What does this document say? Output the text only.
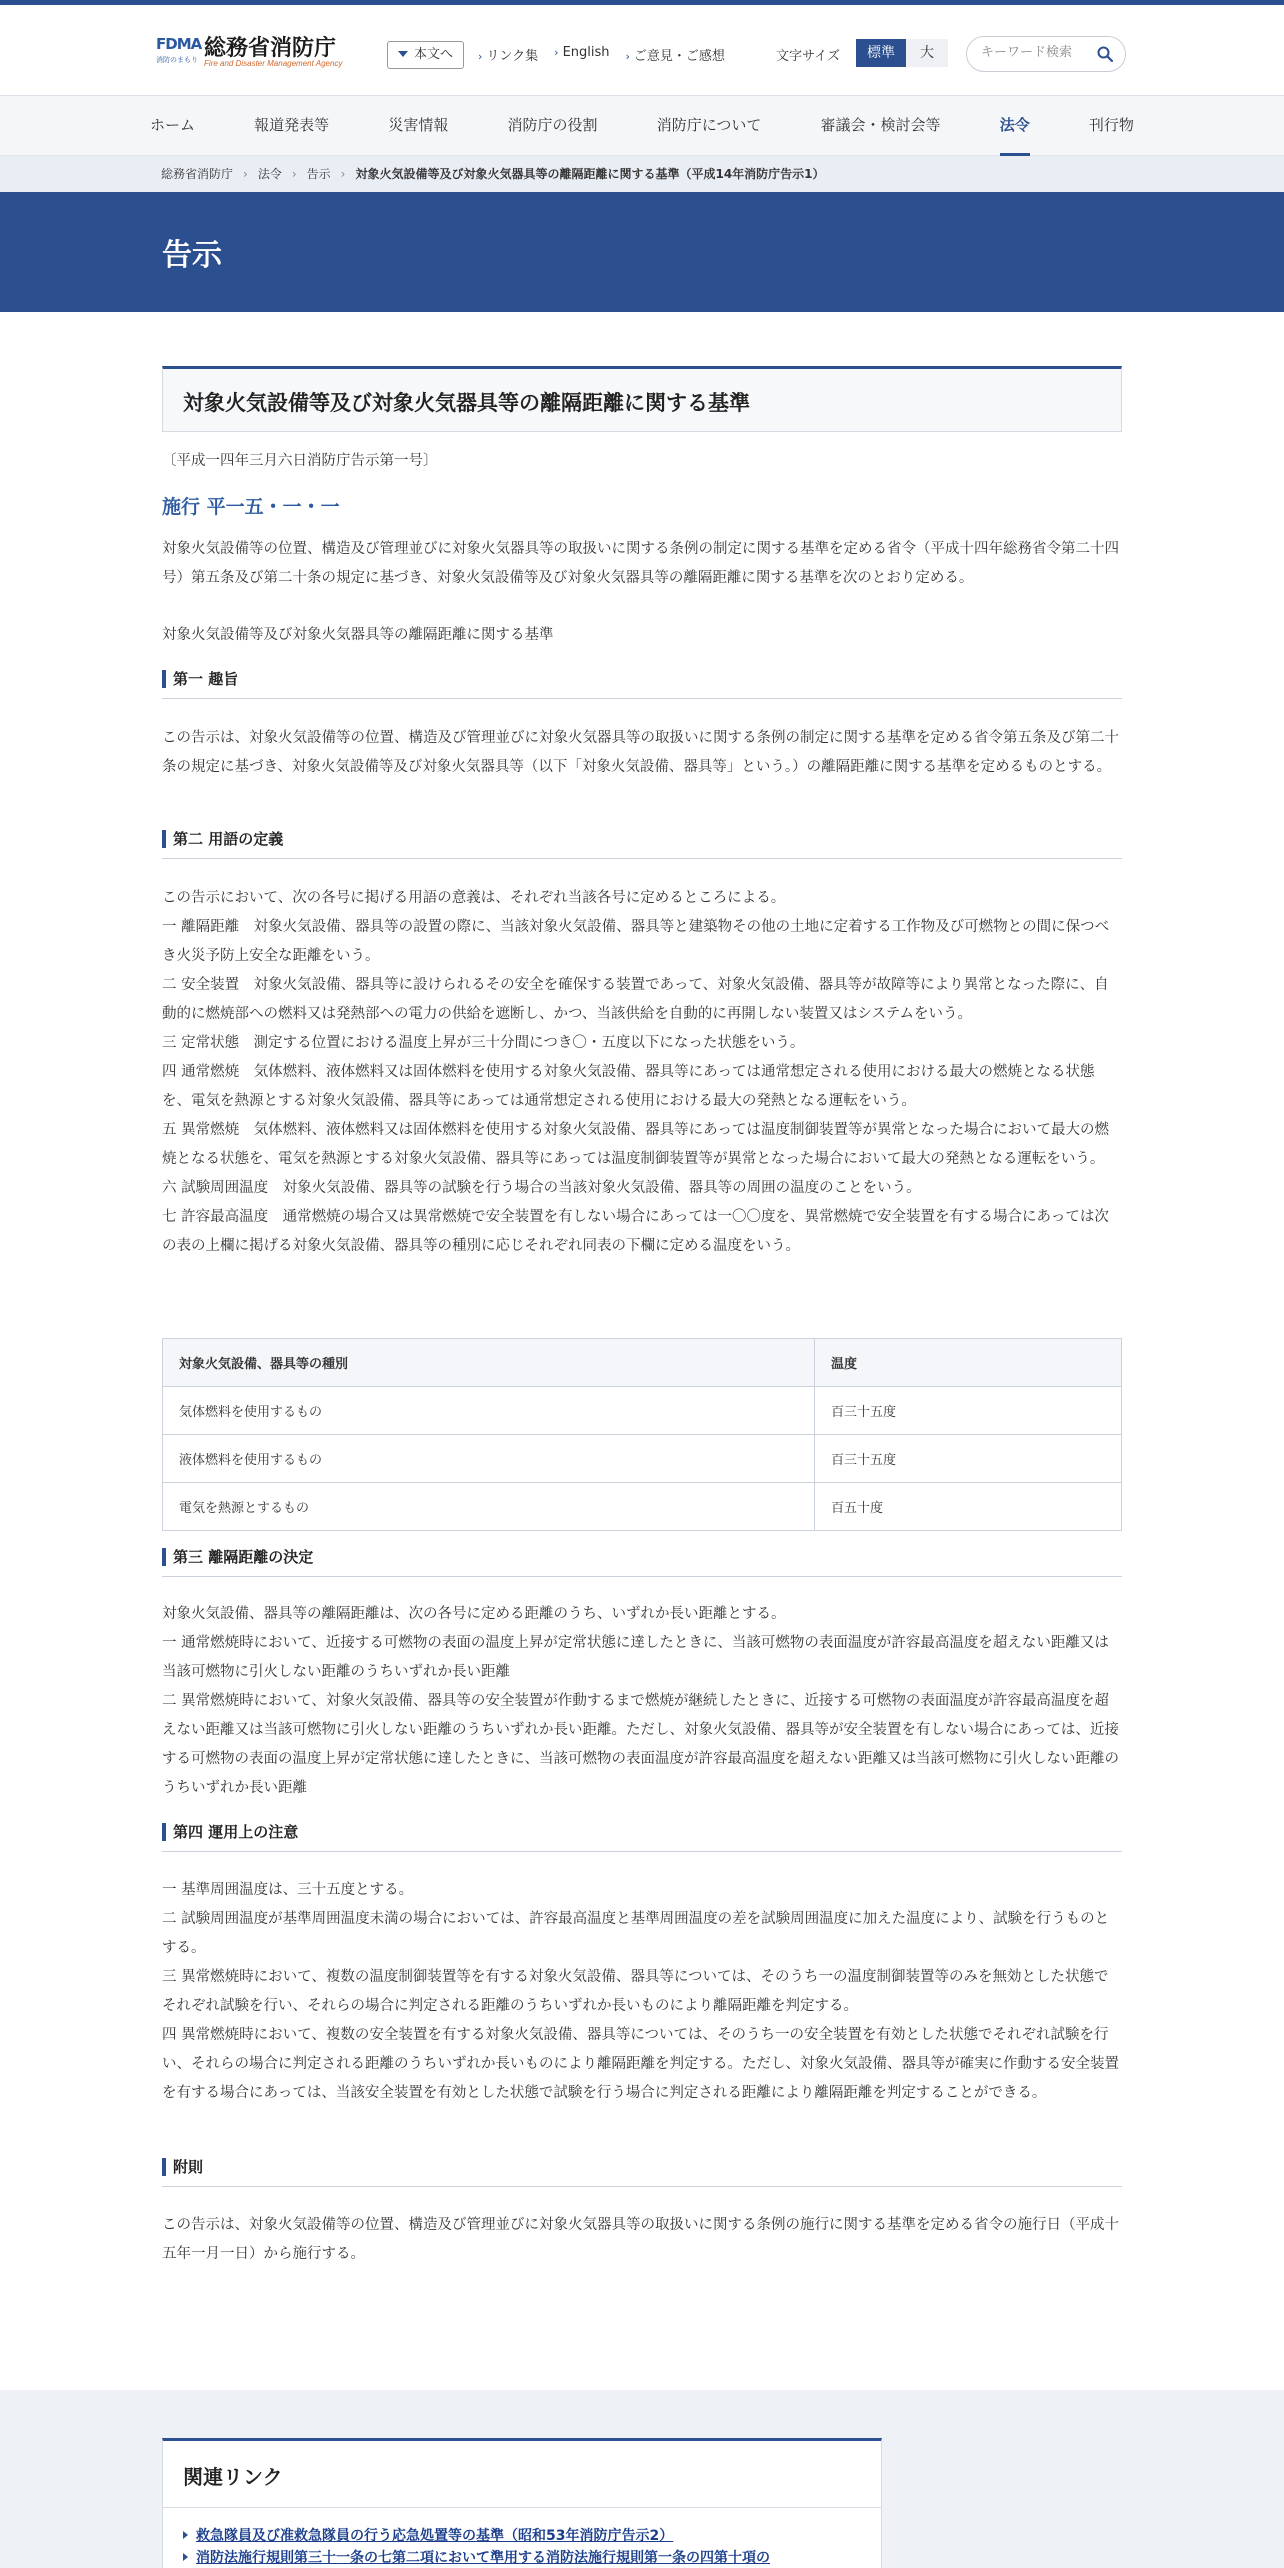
FDMA
消防のまもり 総務省消防庁
Fire and Disaster Management Agency
本文へ	› リンク集 › English › ご意見・ご感想	文字サイズ	標準	大
キーワード検索
ホーム	報道発表等	災害情報	消防庁の役割	消防庁について	審議会・検討会等	法令	刊行物
総務省消防庁 › 法令 › 告示 › 対象火気設備等及び対象火気器具等の離隔距離に関する基準（平成14年消防庁告示1）
告示
対象火気設備等及び対象火気器具等の離隔距離に関する基準
〔平成一四年三月六日消防庁告示第一号〕
施行 平一五・一・一
対象火気設備等の位置、構造及び管理並びに対象火気器具等の取扱いに関する条例の制定に関する基準を定める省令（平成十四年総務省令第二十四号）第五条及び第二十条の規定に基づき、対象火気設備等及び対象火気器具等の離隔距離に関する基準を次のとおり定める。
対象火気設備等及び対象火気器具等の離隔距離に関する基準
第一 趣旨
この告示は、対象火気設備等の位置、構造及び管理並びに対象火気器具等の取扱いに関する条例の制定に関する基準を定める省令第五条及び第二十条の規定に基づき、対象火気設備等及び対象火気器具等（以下「対象火気設備、器具等」という。）の離隔距離に関する基準を定めるものとする。
第二 用語の定義
この告示において、次の各号に掲げる用語の意義は、それぞれ当該各号に定めるところによる。
一 離隔距離　対象火気設備、器具等の設置の際に、当該対象火気設備、器具等と建築物その他の土地に定着する工作物及び可燃物との間に保つべき火災予防上安全な距離をいう。
二 安全装置　対象火気設備、器具等に設けられるその安全を確保する装置であって、対象火気設備、器具等が故障等により異常となった際に、自動的に燃焼部への燃料又は発熱部への電力の供給を遮断し、かつ、当該供給を自動的に再開しない装置又はシステムをいう。
三 定常状態　測定する位置における温度上昇が三十分間につき〇・五度以下になった状態をいう。
四 通常燃焼　気体燃料、液体燃料又は固体燃料を使用する対象火気設備、器具等にあっては通常想定される使用における最大の燃焼となる状態を、電気を熱源とする対象火気設備、器具等にあっては通常想定される使用における最大の発熱となる運転をいう。
五 異常燃焼　気体燃料、液体燃料又は固体燃料を使用する対象火気設備、器具等にあっては温度制御装置等が異常となった場合において最大の燃焼となる状態を、電気を熱源とする対象火気設備、器具等にあっては温度制御装置等が異常となった場合において最大の発熱となる運転をいう。
六 試験周囲温度　対象火気設備、器具等の試験を行う場合の当該対象火気設備、器具等の周囲の温度のことをいう。
七 許容最高温度　通常燃焼の場合又は異常燃焼で安全装置を有しない場合にあっては一〇〇度を、異常燃焼で安全装置を有する場合にあっては次の表の上欄に掲げる対象火気設備、器具等の種別に応じそれぞれ同表の下欄に定める温度をいう。
対象火気設備、器具等の種別	温度
気体燃料を使用するもの	百三十五度
液体燃料を使用するもの	百三十五度
電気を熱源とするもの	百五十度
第三 離隔距離の決定
対象火気設備、器具等の離隔距離は、次の各号に定める距離のうち、いずれか長い距離とする。
一 通常燃焼時において、近接する可燃物の表面の温度上昇が定常状態に達したときに、当該可燃物の表面温度が許容最高温度を超えない距離又は当該可燃物に引火しない距離のうちいずれか長い距離
二 異常燃焼時において、対象火気設備、器具等の安全装置が作動するまで燃焼が継続したときに、近接する可燃物の表面温度が許容最高温度を超えない距離又は当該可燃物に引火しない距離のうちいずれか長い距離。ただし、対象火気設備、器具等が安全装置を有しない場合にあっては、近接する可燃物の表面の温度上昇が定常状態に達したときに、当該可燃物の表面温度が許容最高温度を超えない距離又は当該可燃物に引火しない距離のうちいずれか長い距離
第四 運用上の注意
一 基準周囲温度は、三十五度とする。
二 試験周囲温度が基準周囲温度未満の場合においては、許容最高温度と基準周囲温度の差を試験周囲温度に加えた温度により、試験を行うものとする。
三 異常燃焼時において、複数の温度制御装置等を有する対象火気設備、器具等については、そのうち一の温度制御装置等のみを無効とした状態でそれぞれ試験を行い、それらの場合に判定される距離のうちいずれか長いものにより離隔距離を判定する。
四 異常燃焼時において、複数の安全装置を有する対象火気設備、器具等については、そのうち一の安全装置を有効とした状態でそれぞれ試験を行い、それらの場合に判定される距離のうちいずれか長いものにより離隔距離を判定する。ただし、対象火気設備、器具等が確実に作動する安全装置を有する場合にあっては、当該安全装置を有効とした状態で試験を行う場合に判定される距離により離隔距離を判定することができる。
附則
この告示は、対象火気設備等の位置、構造及び管理並びに対象火気器具等の取扱いに関する条例の施行に関する基準を定める省令の施行日（平成十五年一月一日）から施行する。
関連リンク
救急隊員及び准救急隊員の行う応急処置等の基準（昭和53年消防庁告示2）
消防法施行規則第三十一条の七第二項において準用する消防法施行規則第一条の四第十項の
